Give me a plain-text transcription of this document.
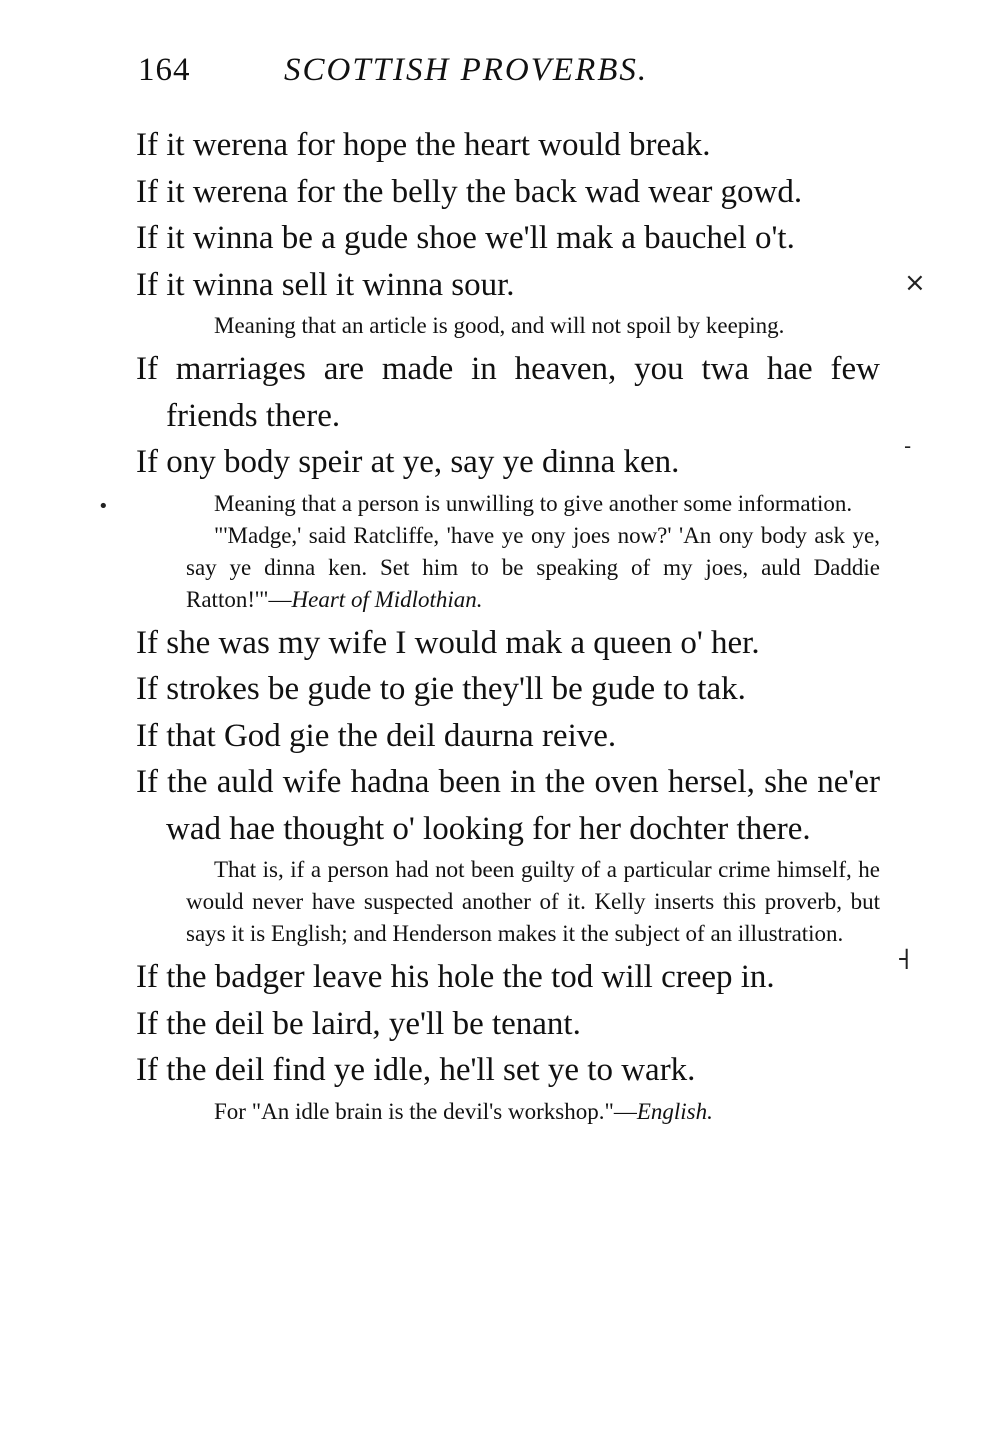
164	SCOTTISH PROVERBS.
If it werena for hope the heart would break.
If it werena for the belly the back wad wear gowd.
If it winna be a gude shoe we'll mak a bauchel o't.
If it winna sell it winna sour.
Meaning that an article is good, and will not spoil by keeping.
If marriages are made in heaven, you twa hae few friends there.
If ony body speir at ye, say ye dinna ken.
Meaning that a person is unwilling to give another some information.
"'Madge,' said Ratcliffe, 'have ye ony joes now?' 'An ony body ask ye, say ye dinna ken. Set him to be speaking of my joes, auld Daddie Ratton!'"—Heart of Midlothian.
If she was my wife I would mak a queen o' her.
If strokes be gude to gie they'll be gude to tak.
If that God gie the deil daurna reive.
If the auld wife hadna been in the oven hersel, she ne'er wad hae thought o' looking for her dochter there.
That is, if a person had not been guilty of a particular crime himself, he would never have suspected another of it. Kelly inserts this proverb, but says it is English; and Henderson makes it the subject of an illustration.
If the badger leave his hole the tod will creep in.
If the deil be laird, ye'll be tenant.
If the deil find ye idle, he'll set ye to wark.
For "An idle brain is the devil's workshop."—English.
⨯
‐
•
˧
